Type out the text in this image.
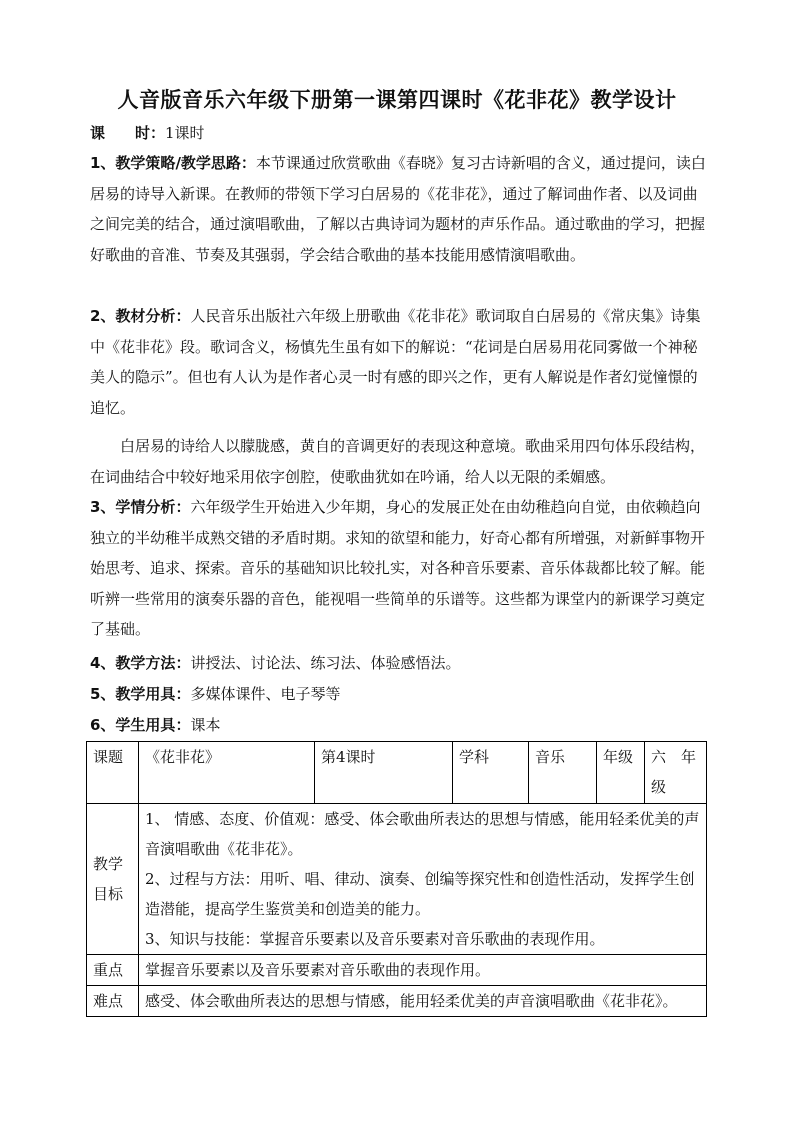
人音版音乐六年级下册第一课第四课时《花非花》教学设计

课　　时：1课时

1、教学策略/教学思路：本节课通过欣赏歌曲《春晓》复习古诗新唱的含义，通过提问，读白居易的诗导入新课。在教师的带领下学习白居易的《花非花》，通过了解词曲作者、以及词曲之间完美的结合，通过演唱歌曲，了解以古典诗词为题材的声乐作品。通过歌曲的学习，把握好歌曲的音准、节奏及其强弱，学会结合歌曲的基本技能用感情演唱歌曲。

2、教材分析：人民音乐出版社六年级上册歌曲《花非花》歌词取自白居易的《常庆集》诗集中《花非花》段。歌词含义，杨慎先生虽有如下的解说：“花词是白居易用花同雾做一个神秘美人的隐示”。但也有人认为是作者心灵一时有感的即兴之作，更有人解说是作者幻觉憧憬的追忆。

白居易的诗给人以朦胧感，黄自的音调更好的表现这种意境。歌曲采用四句体乐段结构，在词曲结合中较好地采用依字创腔，使歌曲犹如在吟诵，给人以无限的柔媚感。

3、学情分析：六年级学生开始进入少年期，身心的发展正处在由幼稚趋向自觉，由依赖趋向独立的半幼稚半成熟交错的矛盾时期。求知的欲望和能力，好奇心都有所增强，对新鲜事物开始思考、追求、探索。音乐的基础知识比较扎实，对各种音乐要素、音乐体裁都比较了解。能听辨一些常用的演奏乐器的音色，能视唱一些简单的乐谱等。这些都为课堂内的新课学习奠定了基础。

4、教学方法：讲授法、讨论法、练习法、体验感悟法。

5、教学用具：多媒体课件、电子琴等

6、学生用具：课本

课题	《花非花》	第4课时	学科	音乐	年级	六　年级
教学目标	1、 情感、态度、价值观：感受、体会歌曲所表达的思想与情感，能用轻柔优美的声音演唱歌曲《花非花》。
2、过程与方法：用听、唱、律动、演奏、创编等探究性和创造性活动，发挥学生创造潜能，提高学生鉴赏美和创造美的能力。
3、知识与技能：掌握音乐要素以及音乐要素对音乐歌曲的表现作用。					

重点	掌握音乐要素以及音乐要素对音乐歌曲的表现作用。					
难点	感受、体会歌曲所表达的思想与情感，能用轻柔优美的声音演唱歌曲《花非花》。					
